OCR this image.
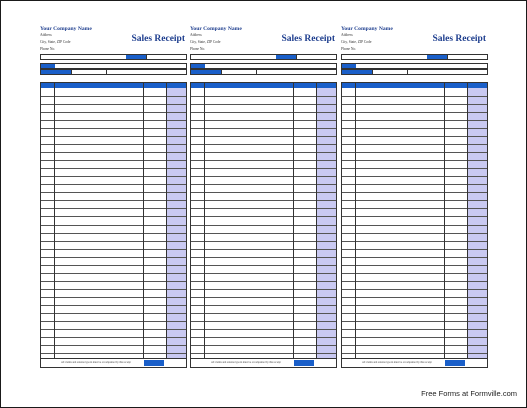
Free Forms at Formville.com
Your Company Name
Address
City, State, ZIP Code
Phone No.
Sales Receipt
All claims and returned goods must be accompanied by this receipt
Your Company Name
Address
City, State, ZIP Code
Phone No.
Sales Receipt
All claims and returned goods must be accompanied by this receipt
Your Company Name
Address
City, State, ZIP Code
Phone No.
Sales Receipt
All claims and returned goods must be accompanied by this receipt
